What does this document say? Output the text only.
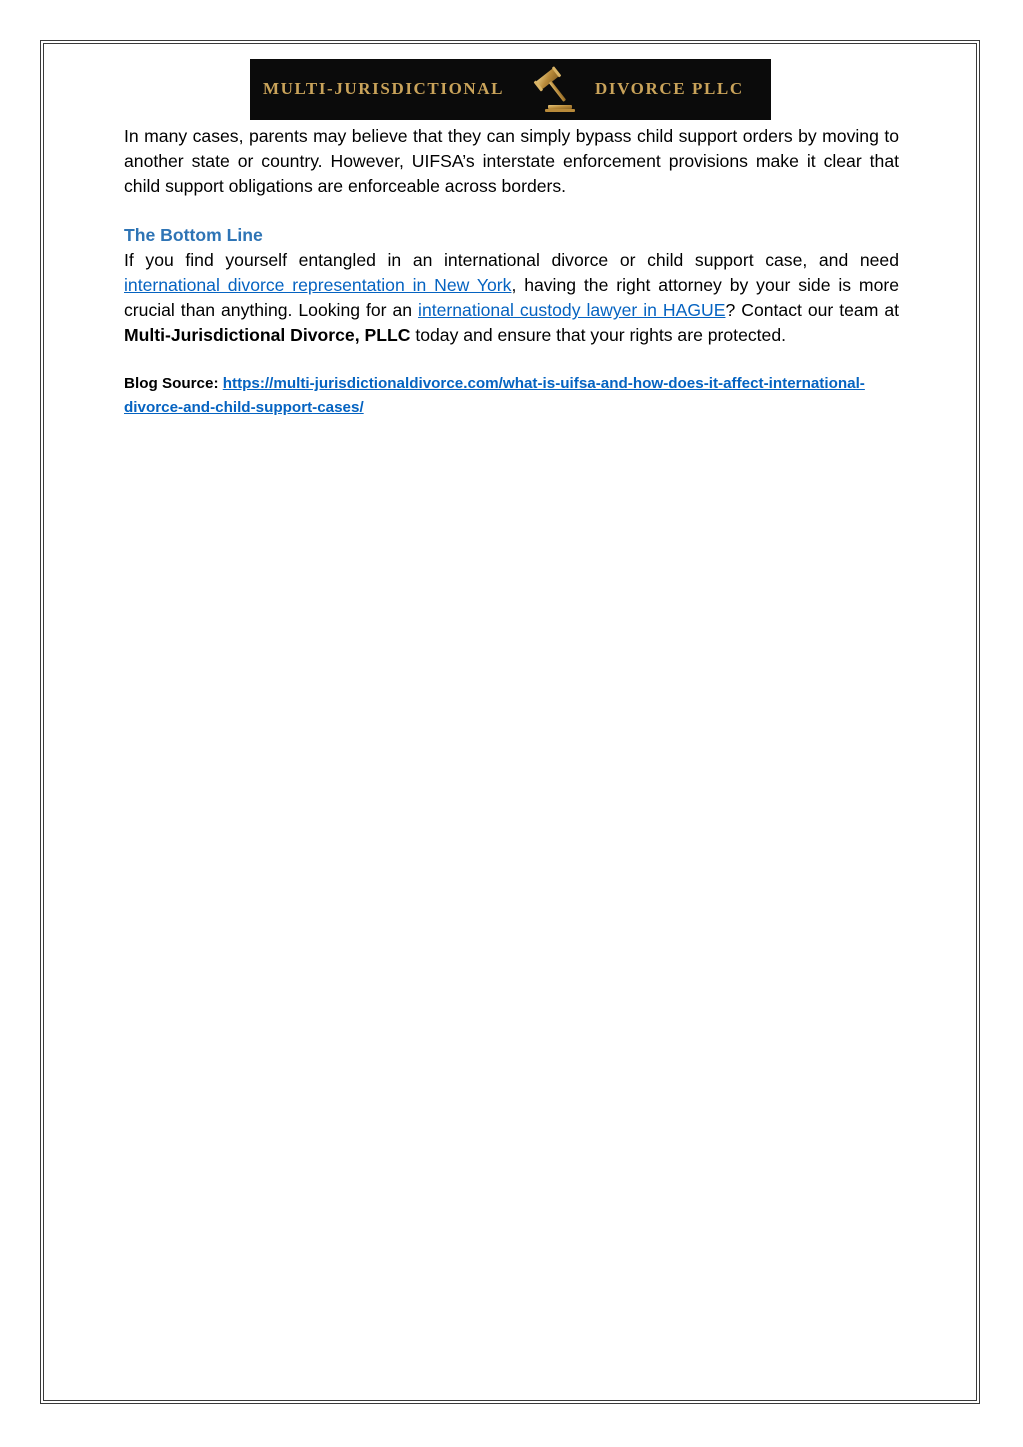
MULTI-JURISDICTIONAL	DIVORCE PLLC

In many cases, parents may believe that they can simply bypass child support orders by moving to another state or country. However, UIFSA’s interstate enforcement provisions make it clear that child support obligations are enforceable across borders.

The Bottom Line

If you find yourself entangled in an international divorce or child support case, and need international divorce representation in New York, having the right attorney by your side is more crucial than anything. Looking for an international custody lawyer in HAGUE? Contact our team at Multi-Jurisdictional Divorce, PLLC today and ensure that your rights are protected.

Blog Source: https://multi-jurisdictionaldivorce.com/what-is-uifsa-and-how-does-it-affect-international-divorce-and-child-support-cases/
